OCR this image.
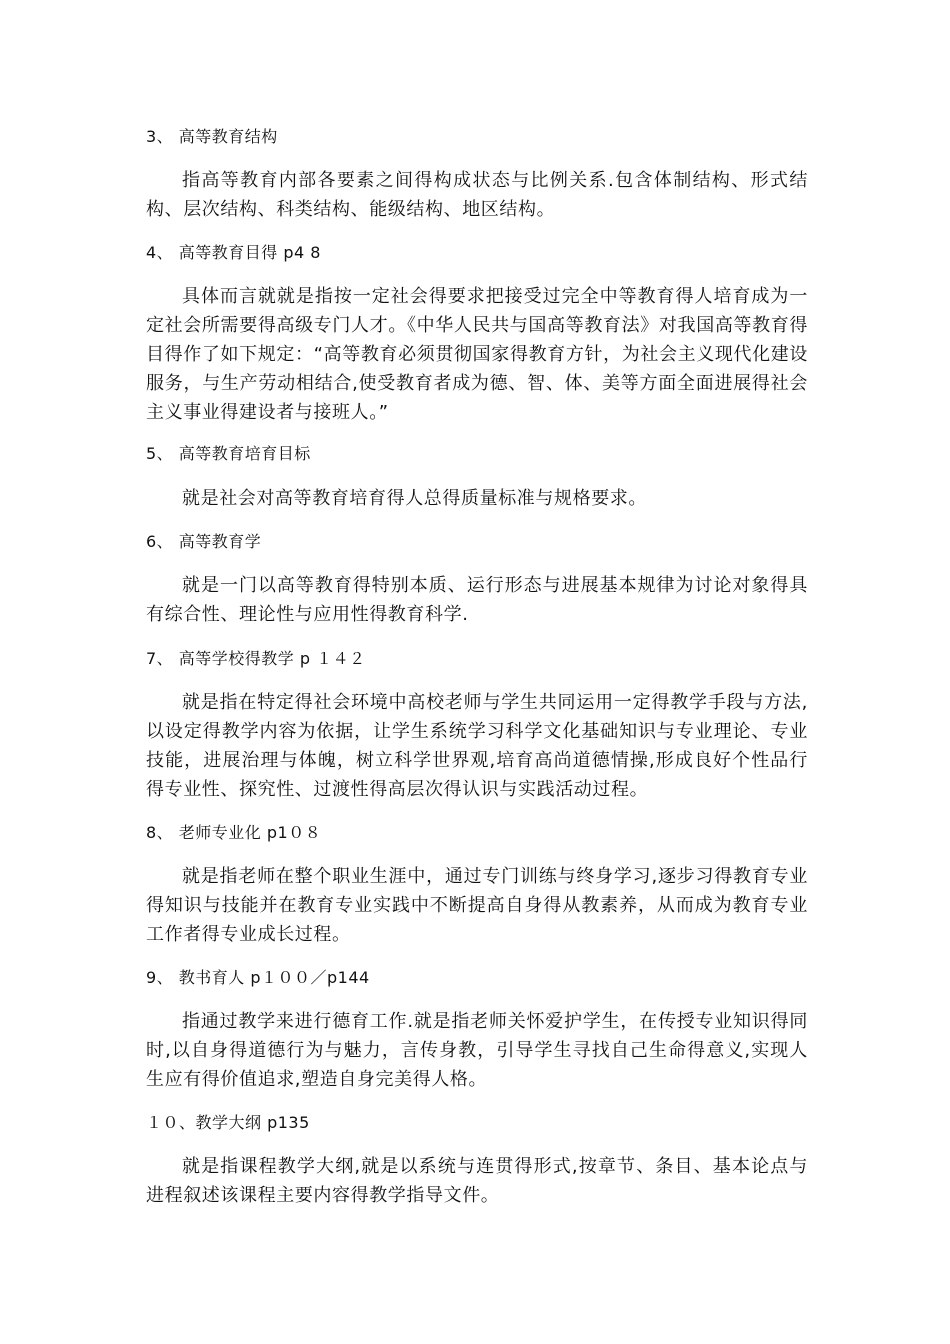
3、 高等教育结构
指高等教育内部各要素之间得构成状态与比例关系.包含体制结构、形式结构、层次结构、科类结构、能级结构、地区结构。
4、 高等教育目得 p4 8
具体而言就就是指按一定社会得要求把接受过完全中等教育得人培育成为一定社会所需要得高级专门人才。《中华人民共与国高等教育法》对我国高等教育得目得作了如下规定：“高等教育必须贯彻国家得教育方针，为社会主义现代化建设服务，与生产劳动相结合,使受教育者成为德、智、体、美等方面全面进展得社会主义事业得建设者与接班人。”
5、 高等教育培育目标
就是社会对高等教育培育得人总得质量标准与规格要求。
6、 高等教育学
就是一门以高等教育得特别本质、运行形态与进展基本规律为讨论对象得具有综合性、理论性与应用性得教育科学.
7、 高等学校得教学 p １４２
就是指在特定得社会环境中高校老师与学生共同运用一定得教学手段与方法,以设定得教学内容为依据，让学生系统学习科学文化基础知识与专业理论、专业技能，进展治理与体魄，树立科学世界观,培育高尚道德情操,形成良好个性品行得专业性、探究性、过渡性得高层次得认识与实践活动过程。
8、 老师专业化 p1０８
就是指老师在整个职业生涯中，通过专门训练与终身学习,逐步习得教育专业得知识与技能并在教育专业实践中不断提高自身得从教素养，从而成为教育专业工作者得专业成长过程。
9、 教书育人 p１００／p144
指通过教学来进行德育工作.就是指老师关怀爱护学生，在传授专业知识得同时,以自身得道德行为与魅力，言传身教，引导学生寻找自己生命得意义,实现人生应有得价值追求,塑造自身完美得人格。
１０、教学大纲 p135
就是指课程教学大纲,就是以系统与连贯得形式,按章节、条目、基本论点与进程叙述该课程主要内容得教学指导文件。
